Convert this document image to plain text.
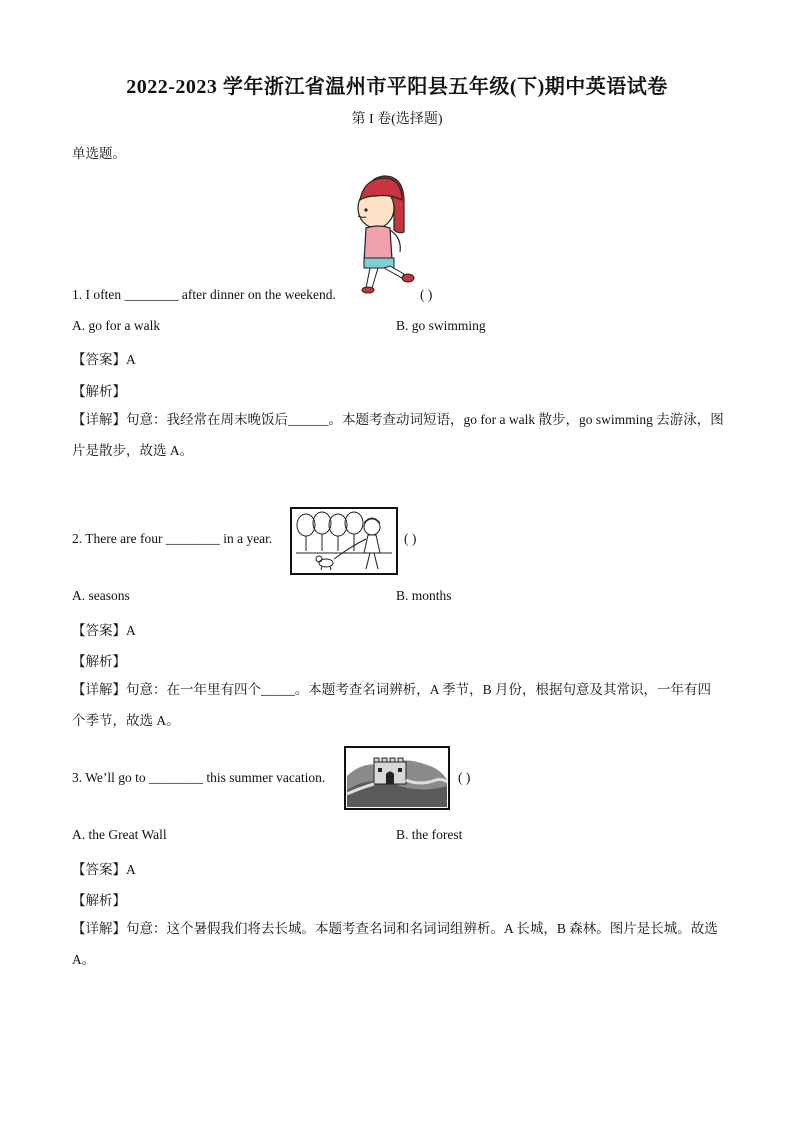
2022-2023 学年浙江省温州市平阳县五年级(下)期中英语试卷
第 I 卷(选择题)
单选题。
1. I often ________ after dinner on the weekend.	( )
A. go for a walk	B. go swimming
【答案】A
【解析】
【详解】句意：我经常在周末晚饭后______。本题考查动词短语，go for a walk 散步，go swimming 去游泳，图片是散步，故选 A。
2. There are four ________ in a year.	( )
A. seasons	B. months
【答案】A
【解析】
【详解】句意：在一年里有四个_____。本题考查名词辨析，A 季节，B 月份，根据句意及其常识，一年有四个季节，故选 A。
3. We’ll go to ________ this summer vacation.	( )
A. the Great Wall	B. the forest
【答案】A
【解析】
【详解】句意：这个暑假我们将去长城。本题考查名词和名词词组辨析。A 长城，B 森林。图片是长城。故选 A。
